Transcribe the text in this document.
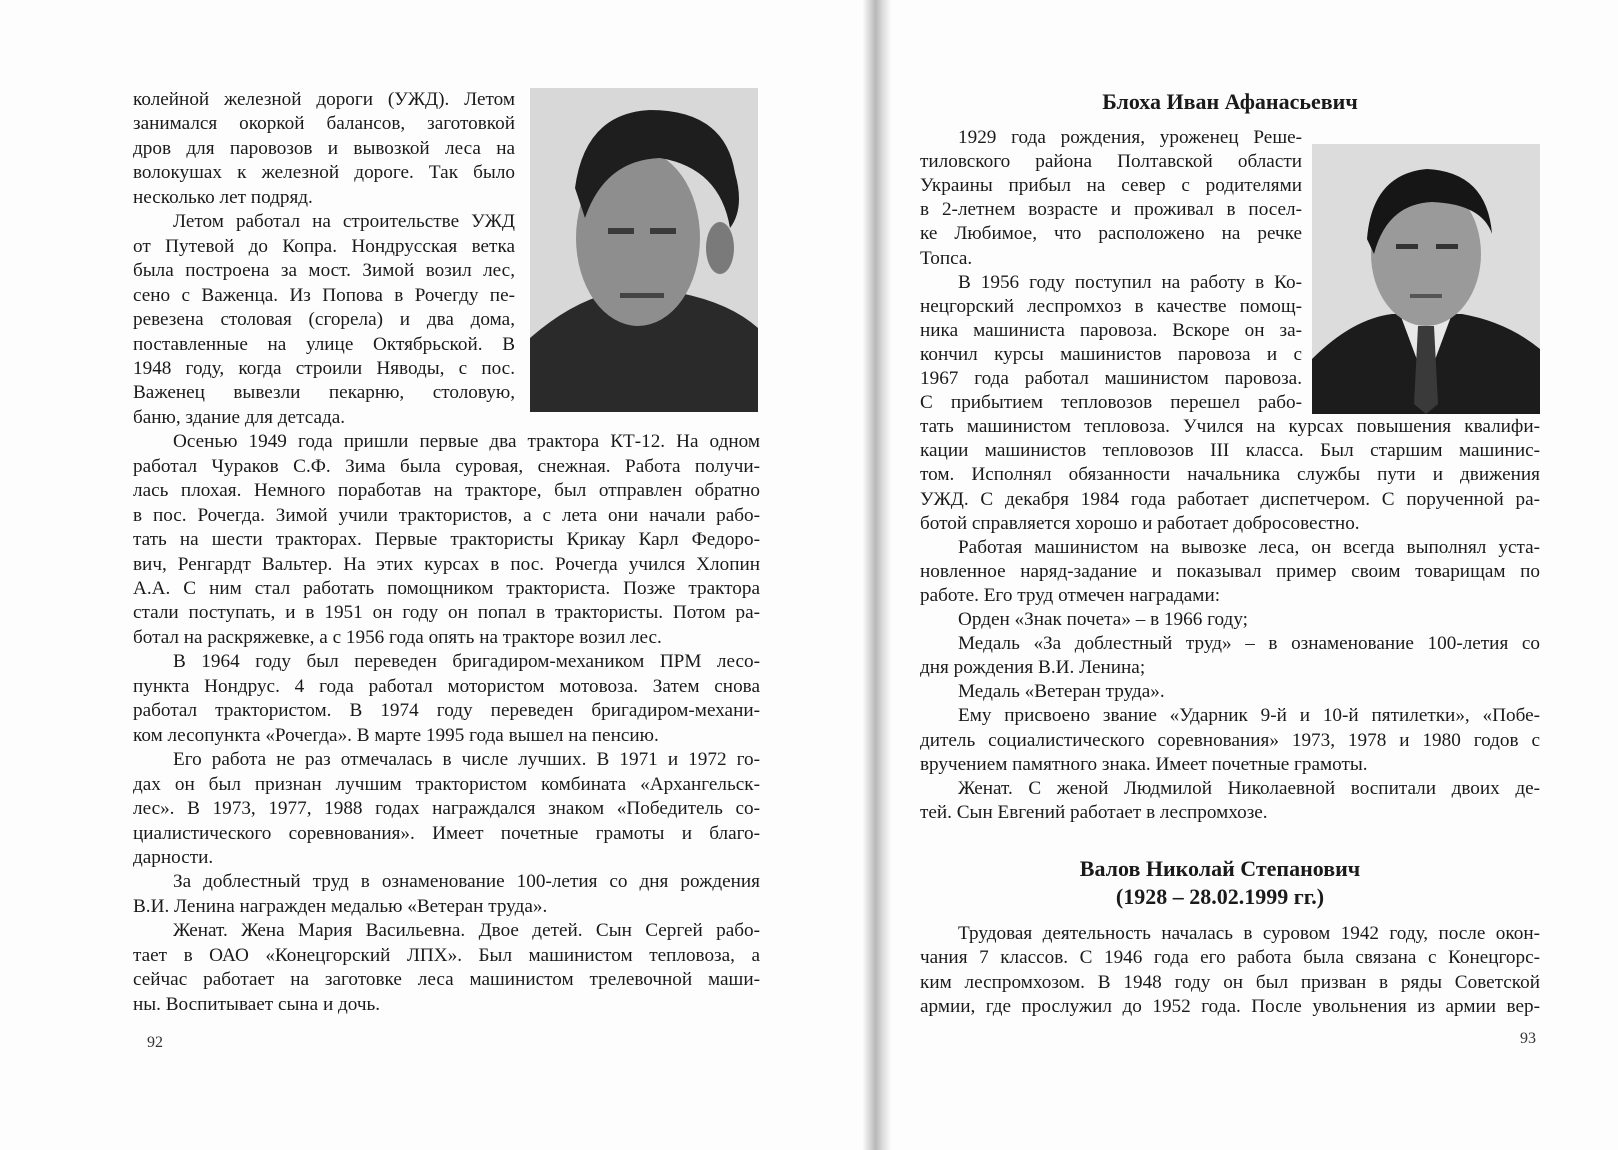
колейной железной дороги (УЖД). Летом
занимался окоркой балансов, заготовкой
дров для паровозов и вывозкой леса на
волокушах к железной дороге. Так было
несколько лет подряд.
Летом работал на строительстве УЖД
от Путевой до Копра. Нондрусская ветка
была построена за мост. Зимой возил лес,
сено с Важенца. Из Попова в Рочегду пе-
ревезена столовая (сгорела) и два дома,
поставленные на улице Октябрьской. В
1948 году, когда строили Няводы, с пос.
Важенец вывезли пекарню, столовую,
баню, здание для детсада.
Осенью 1949 года пришли первые два трактора КТ-12. На одном
работал Чураков С.Ф. Зима была суровая, снежная. Работа получи-
лась плохая. Немного поработав на тракторе, был отправлен обратно
в пос. Рочегда. Зимой учили трактористов, а с лета они начали рабо-
тать на шести тракторах. Первые трактористы Крикау Карл Федоро-
вич, Ренгардт Вальтер. На этих курсах в пос. Рочегда учился Хлопин
А.А. С ним стал работать помощником тракториста. Позже трактора
стали поступать, и в 1951 он году он попал в трактористы. Потом ра-
ботал на раскряжевке, а с 1956 года опять на тракторе возил лес.
В 1964 году был переведен бригадиром-механиком ПРМ лесо-
пункта Нондрус. 4 года работал мотористом мотовоза. Затем снова
работал трактористом. В 1974 году переведен бригадиром-механи-
ком лесопункта «Рочегда». В марте 1995 года вышел на пенсию.
Его работа не раз отмечалась в числе лучших. В 1971 и 1972 го-
дах он был признан лучшим трактористом комбината «Архангельск-
лес». В 1973, 1977, 1988 годах награждался знаком «Победитель со-
циалистического соревнования». Имеет почетные грамоты и благо-
дарности.
За доблестный труд в ознаменование 100-летия со дня рождения
В.И. Ленина награжден медалью «Ветеран труда».
Женат. Жена Мария Васильевна. Двое детей. Сын Сергей рабо-
тает в ОАО «Конецгорский ЛПХ». Был машинистом тепловоза, а
сейчас работает на заготовке леса машинистом трелевочной маши-
ны. Воспитывает сына и дочь.
Блоха Иван Афанасьевич
1929 года рождения, уроженец Реше-
тиловского района Полтавской области
Украины прибыл на север с родителями
в 2-летнем возрасте и проживал в посел-
ке Любимое, что расположено на речке
Топса.
В 1956 году поступил на работу в Ко-
нецгорский леспромхоз в качестве помощ-
ника машиниста паровоза. Вскоре он за-
кончил курсы машинистов паровоза и с
1967 года работал машинистом паровоза.
С прибытием тепловозов перешел рабо-
тать машинистом тепловоза. Учился на курсах повышения квалифи-
кации машинистов тепловозов III класса. Был старшим машинис-
том. Исполнял обязанности начальника службы пути и движения
УЖД. С декабря 1984 года работает диспетчером. С порученной ра-
ботой справляется хорошо и работает добросовестно.
Работая машинистом на вывозке леса, он всегда выполнял уста-
новленное наряд-задание и показывал пример своим товарищам по
работе. Его труд отмечен наградами:
Орден «Знак почета» – в 1966 году;
Медаль «За доблестный труд» – в ознаменование 100-летия со
дня рождения В.И. Ленина;
Медаль «Ветеран труда».
Ему присвоено звание «Ударник 9-й и 10-й пятилетки», «Побе-
дитель социалистического соревнования» 1973, 1978 и 1980 годов с
вручением памятного знака. Имеет почетные грамоты.
Женат. С женой Людмилой Николаевной воспитали двоих де-
тей. Сын Евгений работает в леспромхозе.
Валов Николай Степанович
(1928 – 28.02.1999 гг.)
Трудовая деятельность началась в суровом 1942 году, после окон-
чания 7 классов. С 1946 года его работа была связана с Конецгорс-
ким леспромхозом. В 1948 году он был призван в ряды Советской
армии, где прослужил до 1952 года. После увольнения из армии вер-
92	93
